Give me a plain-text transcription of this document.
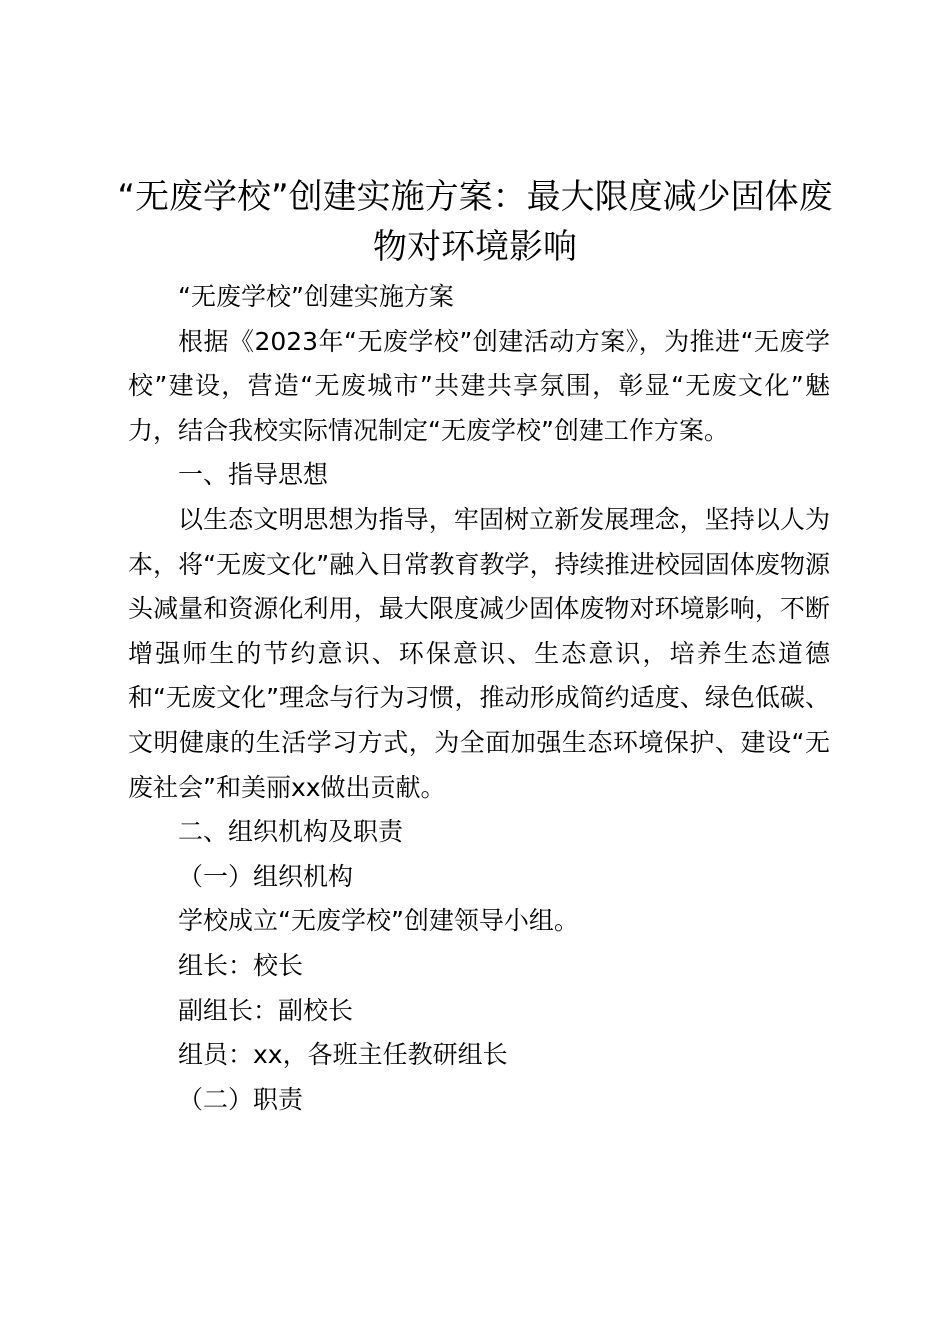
“无废学校”创建实施方案：最大限度减少固体废物对环境影响

“无废学校”创建实施方案

根据《2023年“无废学校”创建活动方案》，为推进“无废学校”建设，营造“无废城市”共建共享氛围，彰显“无废文化”魅力，结合我校实际情况制定“无废学校”创建工作方案。

一、指导思想

以生态文明思想为指导，牢固树立新发展理念，坚持以人为本，将“无废文化”融入日常教育教学，持续推进校园固体废物源头减量和资源化利用，最大限度减少固体废物对环境影响，不断增强师生的节约意识、环保意识、生态意识，培养生态道德和“无废文化”理念与行为习惯，推动形成简约适度、绿色低碳、文明健康的生活学习方式，为全面加强生态环境保护、建设“无废社会”和美丽xx做出贡献。

二、组织机构及职责

（一）组织机构

学校成立“无废学校”创建领导小组。

组长：校长

副组长：副校长

组员：xx，各班主任教研组长

（二）职责
